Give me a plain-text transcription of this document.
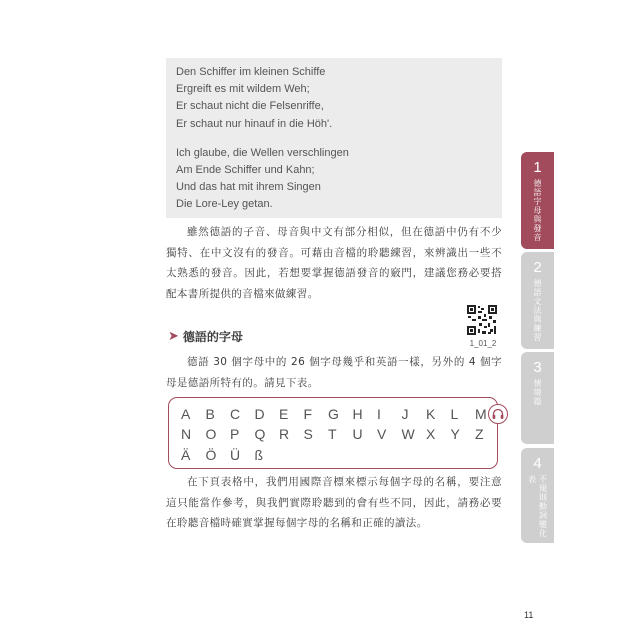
Den Schiffer im kleinen Schiffe
Ergreift es mit wildem Weh;
Er schaut nicht die Felsenriffe,
Er schaut nur hinauf in die Höh'.
Ich glaube, die Wellen verschlingen
Am Ende Schiffer und Kahn;
Und das hat mit ihrem Singen
Die Lore-Ley getan.
雖然德語的子音、母音與中文有部分相似，但在德語中仍有不少獨特、在中文沒有的發音。可藉由音檔的聆聽練習，來辨識出一些不太熟悉的發音。因此，若想要掌握德語發音的竅門，建議您務必要搭配本書所提供的音檔來做練習。
➤ 德語的字母	1_01_2
德語 30 個字母中的 26 個字母幾乎和英語一樣，另外的 4 個字母是德語所特有的。請見下表。
A	B	C	D	E	F	G H	I	J	K	L	M
N	O P	Q R	S	T	U	V	W X	Y	Z
Ä	Ö Ü	ß
在下頁表格中，我們用國際音標來標示每個字母的名稱，要注意這只能當作參考，與我們實際聆聽到的會有些不同，因此，請務必要在聆聽音檔時確實掌握每個字母的名稱和正確的讀法。
1
德語字母與發音
2
德語文法與練習
3
情境篇
4
不規則動詞變化表
11
